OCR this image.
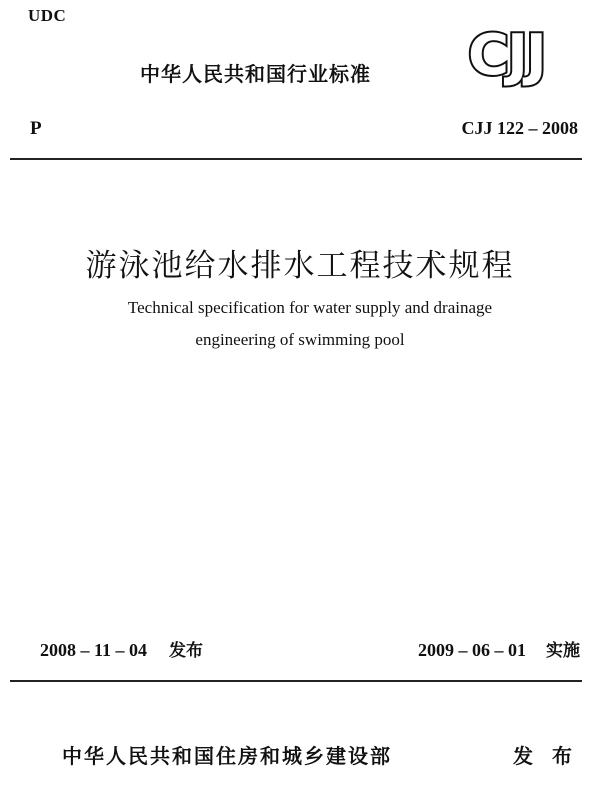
UDC
中华人民共和国行业标准 CJJ
P	CJJ 122 – 2008
游泳池给水排水工程技术规程
Technical specification for water supply and drainage
engineering of swimming pool
2008 – 11 – 04 发布	2009 – 06 – 01 实施
中华人民共和国住房和城乡建设部	发 布
